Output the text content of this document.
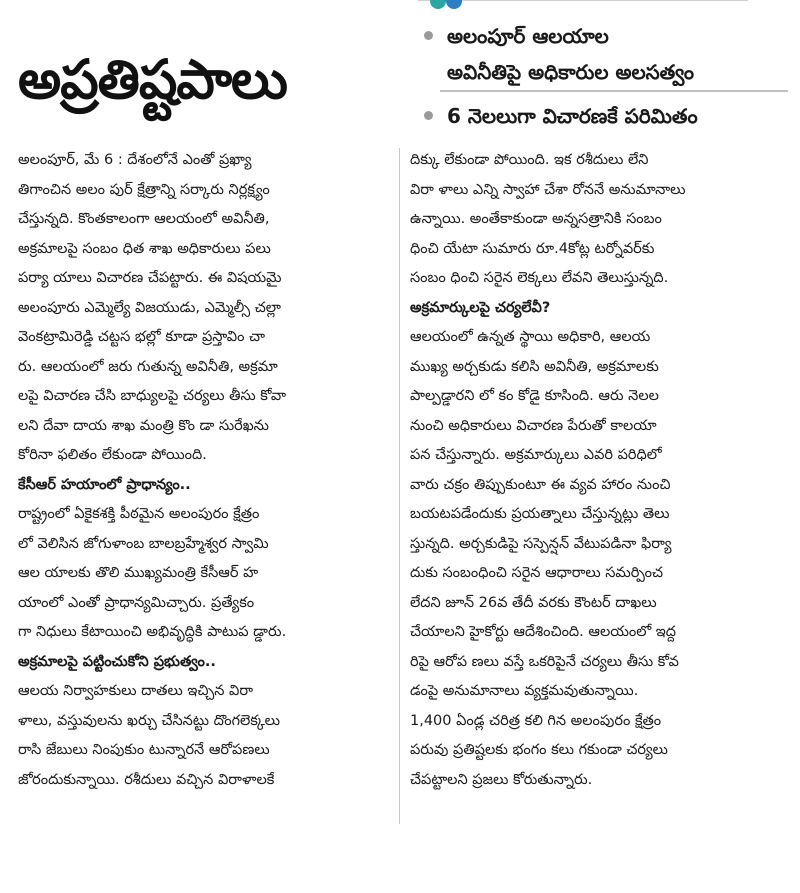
అప్రతిష్టపాలు
అలంపూర్ ఆలయాల
అవినీతిపై అధికారుల అలసత్వం
6 నెలలుగా విచారణకే పరిమితం
అలంపూర్, మే 6 : దేశంలోనే ఎంతో ప్రఖ్యా
తిగాంచిన అలం పుర్ క్షేత్రాన్ని సర్కారు నిర్లక్ష్యం
చేస్తున్నది. కొంతకాలంగా ఆలయంలో అవినీతి,
అక్రమాలపై సంబం ధిత శాఖ అధికారులు పలు
పర్యా యాలు విచారణ చేపట్టారు. ఈ విషయమై
అలంపూరు ఎమ్మెల్యే విజయుడు, ఎమ్మెల్సీ చల్లా
వెంకట్రామిరెడ్డి చట్టస భల్లో కూడా ప్రస్తావిం చా
రు. ఆలయంలో జరు గుతున్న అవినీతి, అక్రమా
లపై విచారణ చేసి బాధ్యులపై చర్యలు తీసు కోవా
లని దేవా దాయ శాఖ మంత్రి కొం డా సురేఖను
కోరినా ఫలితం లేకుండా పోయింది.
కేసీఆర్ హయాంలో ప్రాధాన్యం..
రాష్ట్రంలో ఏకైకశక్తి పీఠమైన అలంపురం క్షేత్రం
లో వెలిసిన జోగుళాంబ బాలబ్రహ్మేశ్వర స్వామి
ఆల యాలకు తొలి ముఖ్యమంత్రి కేసీఆర్ హ
యాంలో ఎంతో ప్రాధాన్యమిచ్చారు. ప్రత్యేకం
గా నిధులు కేటాయించి అభివృద్ధికి పాటుప డ్డారు.
అక్రమాలపై పట్టించుకోని ప్రభుత్వం..
ఆలయ నిర్వాహకులు దాతలు ఇచ్చిన విరా
ళాలు, వస్తువులను ఖర్చు చేసినట్టు దొంగలెక్కలు
రాసి జేబులు నింపుకుం టున్నారనే ఆరోపణలు
జోరందుకున్నాయి. రశీదులు వచ్చిన విరాళాలకే
దిక్కు లేకుండా పోయింది. ఇక రశీదులు లేని
విరా ళాలు ఎన్ని స్వాహా చేశా రోననే అనుమానాలు
ఉన్నాయి. అంతేకాకుండా అన్నసత్రానికి సంబం
ధించి యేటా సుమారు రూ.4కోట్ల టర్నోవర్‌కు
సంబం ధించి సరైన లెక్కలు లేవని తెలుస్తున్నది.
అక్రమార్కులపై చర్యలేవీ?
ఆలయంలో ఉన్నత స్థాయి అధికారి, ఆలయ
ముఖ్య అర్చకుడు కలిసి అవినీతి, అక్రమాలకు
పాల్పడ్డారని లో కం కోడై కూసింది. ఆరు నెలల
నుంచి అధికారులు విచారణ పేరుతో కాలయా
పన చేస్తున్నారు. అక్రమార్కులు ఎవరి పరిధిలో
వారు చక్రం తిప్పుకుంటూ ఈ వ్యవ హారం నుంచి
బయటపడేందుకు ప్రయత్నాలు చేస్తున్నట్లు తెలు
స్తున్నది. అర్చకుడిపై సస్పెన్షన్ వేటుపడినా ఫిర్యా
దుకు సంబంధించి సరైన ఆధారాలు సమర్పించ
లేదని జూన్ 26వ తేదీ వరకు కౌంటర్ దాఖలు
చేయాలని హైకోర్టు ఆదేశించింది. ఆలయంలో ఇద్ద
రిపై ఆరోప ణలు వస్తే ఒకరిపైనే చర్యలు తీసు కోవ
డంపై అనుమానాలు వ్యక్తమవుతున్నాయి.
1,400 ఏండ్ల చరిత్ర కలి గిన అలంపురం క్షేత్రం
పరువు ప్రతిష్టలకు భంగం కలు గకుండా చర్యలు
చేపట్టాలని ప్రజలు కోరుతున్నారు.
